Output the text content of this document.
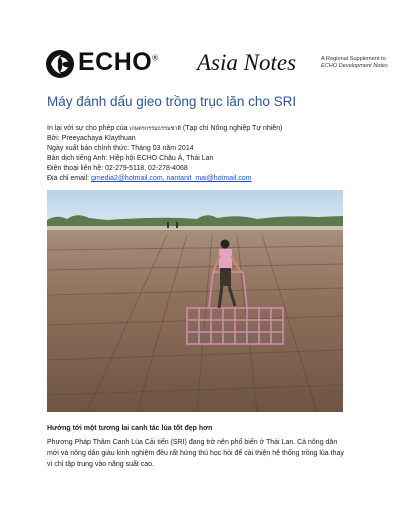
ECHO® Asia Notes	A Regional Supplement to
ECHO Development Notes
Máy đánh dấu gieo trồng trục lăn cho SRI
In lại với sự cho phép của เกษตรกรรมธรรมชาติ (Tạp chí Nông nghiệp Tự nhiên)
Bởi: Preeyachaya Klaythuan
Ngày xuất bản chính thức: Tháng 03 năm 2014
Bản dịch tiếng Anh: Hiệp hội ECHO Châu Á, Thái Lan
Điện thoại liên hệ: 02-279-5118, 02-278-4068
Địa chỉ email: gmedia2@hotmail.com, nantanit_mai@hotmail.com
Hướng tới một tương lai canh tác lúa tốt đẹp hơn
Phương Pháp Thâm Canh Lúa Cải tiến (SRI) đang trở nên phổ biến ở Thái Lan. Cả nông dân mới và nông dân giàu kinh nghiệm đều rất hứng thú học hỏi để cải thiện hệ thống trồng lúa thay vì chỉ tập trung vào năng suất cao.
